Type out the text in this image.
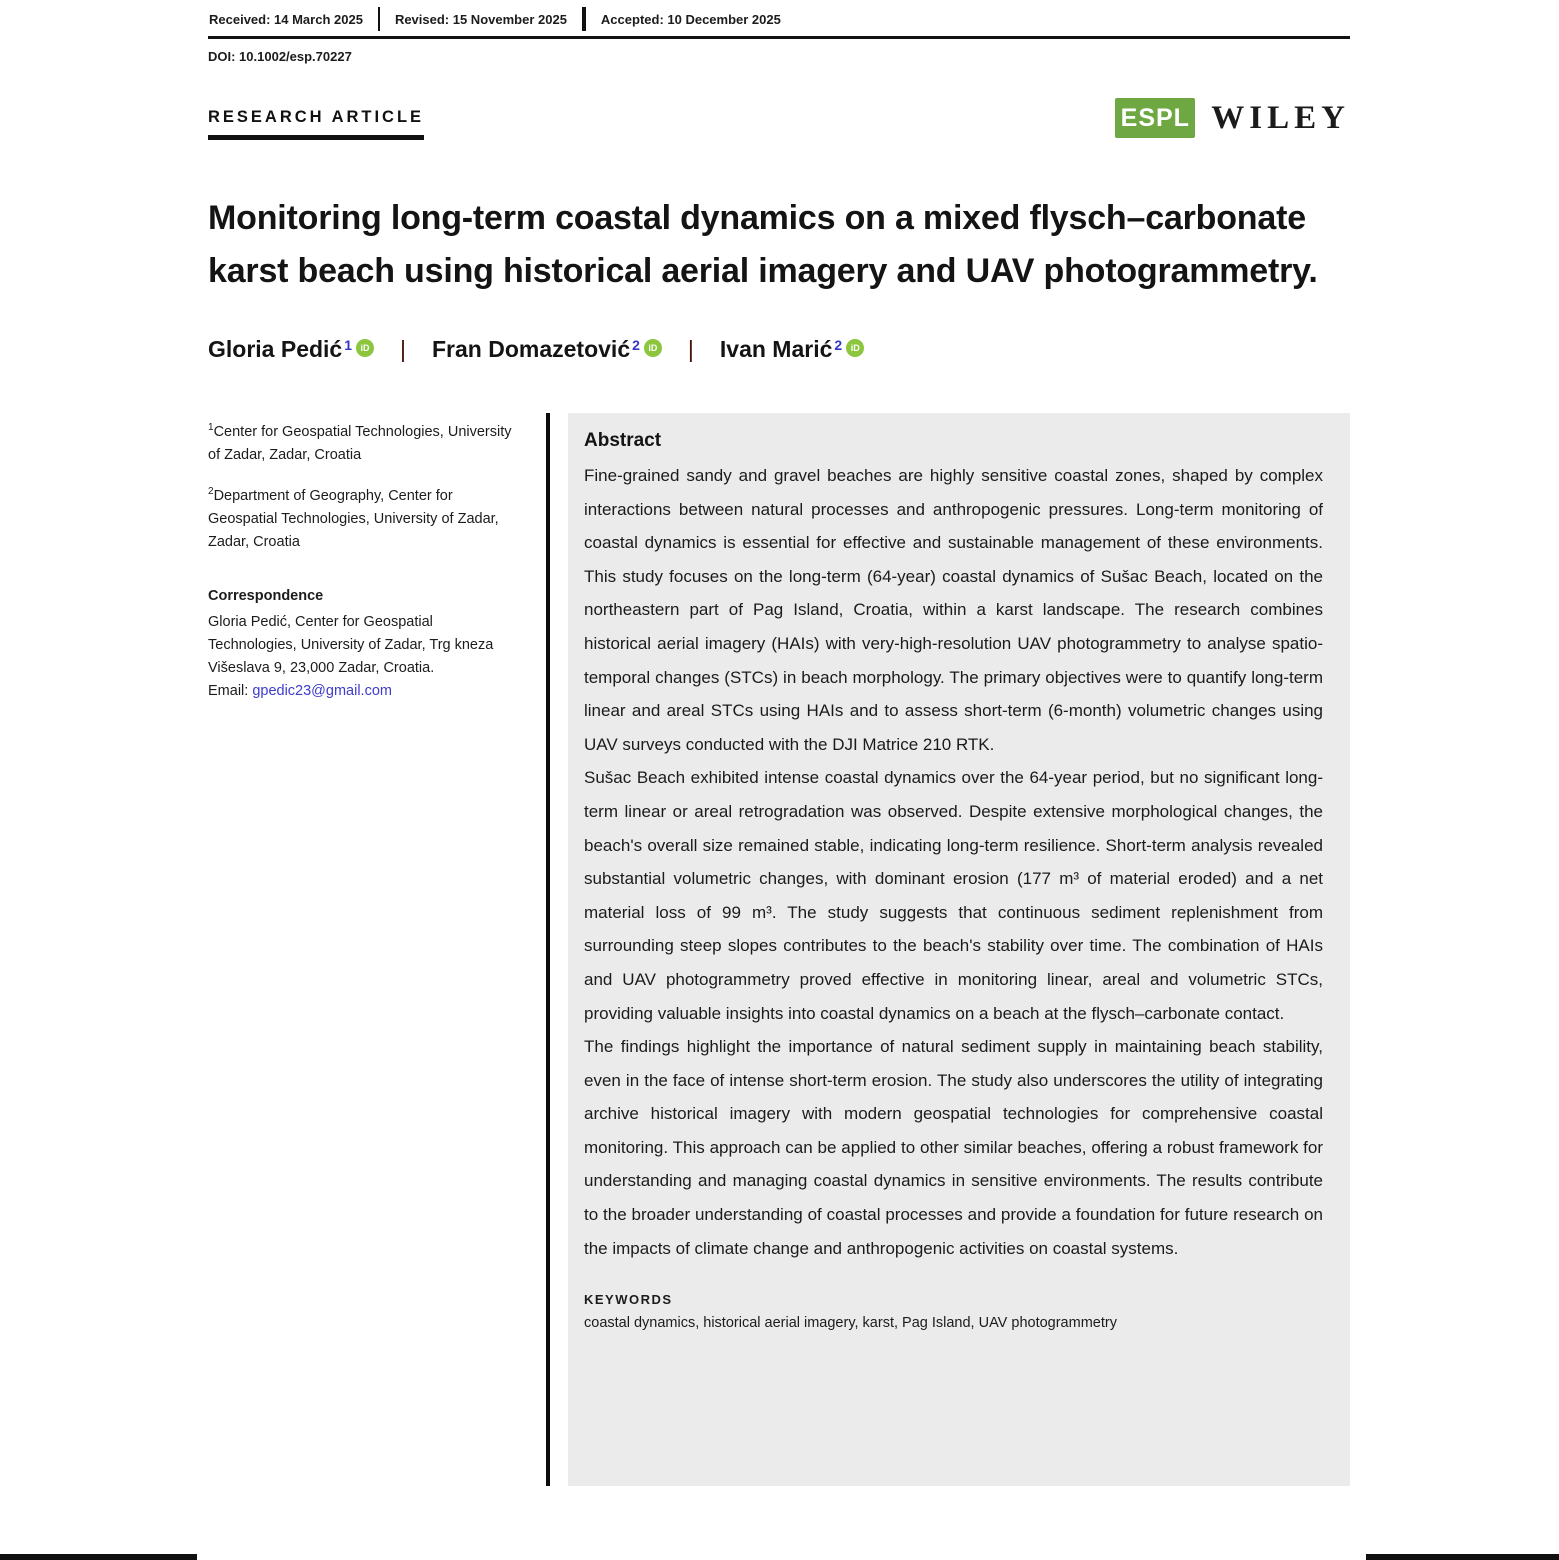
Received: 14 March 2025	Revised: 15 November 2025	Accepted: 10 December 2025
DOI: 10.1002/esp.70227
RESEARCH ARTICLE	ESPL WILEY
Monitoring long-term coastal dynamics on a mixed flysch–carbonate karst beach using historical aerial imagery and UAV photogrammetry.
Gloria Pedić 1 iD | Fran Domazetović 2 iD | Ivan Marić 2 iD

$^1$Center for Geospatial Technologies, University of Zadar, Zadar, Croatia

$^2$Department of Geography, Center for Geospatial Technologies, University of Zadar, Zadar, Croatia

Correspondence
Gloria Pedić, Center for Geospatial Technologies, University of Zadar, Trg kneza Višeslava 9, 23,000 Zadar, Croatia.
Email: gpedic23@gmail.com
Abstract

Fine-grained sandy and gravel beaches are highly sensitive coastal zones, shaped by complex interactions between natural processes and anthropogenic pressures. Long-term monitoring of coastal dynamics is essential for effective and sustainable management of these environments. This study focuses on the long-term (64-year) coastal dynamics of Sušac Beach, located on the northeastern part of Pag Island, Croatia, within a karst landscape. The research combines historical aerial imagery (HAIs) with very-high-resolution UAV photogrammetry to analyse spatio-temporal changes (STCs) in beach morphology. The primary objectives were to quantify long-term linear and areal STCs using HAIs and to assess short-term (6-month) volumetric changes using UAV surveys conducted with the DJI Matrice 210 RTK.

Sušac Beach exhibited intense coastal dynamics over the 64-year period, but no significant long-term linear or areal retrogradation was observed. Despite extensive morphological changes, the beach's overall size remained stable, indicating long-term resilience. Short-term analysis revealed substantial volumetric changes, with dominant erosion (177 m³ of material eroded) and a net material loss of 99 m³. The study suggests that continuous sediment replenishment from surrounding steep slopes contributes to the beach's stability over time. The combination of HAIs and UAV photogrammetry proved effective in monitoring linear, areal and volumetric STCs, providing valuable insights into coastal dynamics on a beach at the flysch–carbonate contact.

The findings highlight the importance of natural sediment supply in maintaining beach stability, even in the face of intense short-term erosion. The study also underscores the utility of integrating archive historical imagery with modern geospatial technologies for comprehensive coastal monitoring. This approach can be applied to other similar beaches, offering a robust framework for understanding and managing coastal dynamics in sensitive environments. The results contribute to the broader understanding of coastal processes and provide a foundation for future research on the impacts of climate change and anthropogenic activities on coastal systems.

KEYWORDS
coastal dynamics, historical aerial imagery, karst, Pag Island, UAV photogrammetry
